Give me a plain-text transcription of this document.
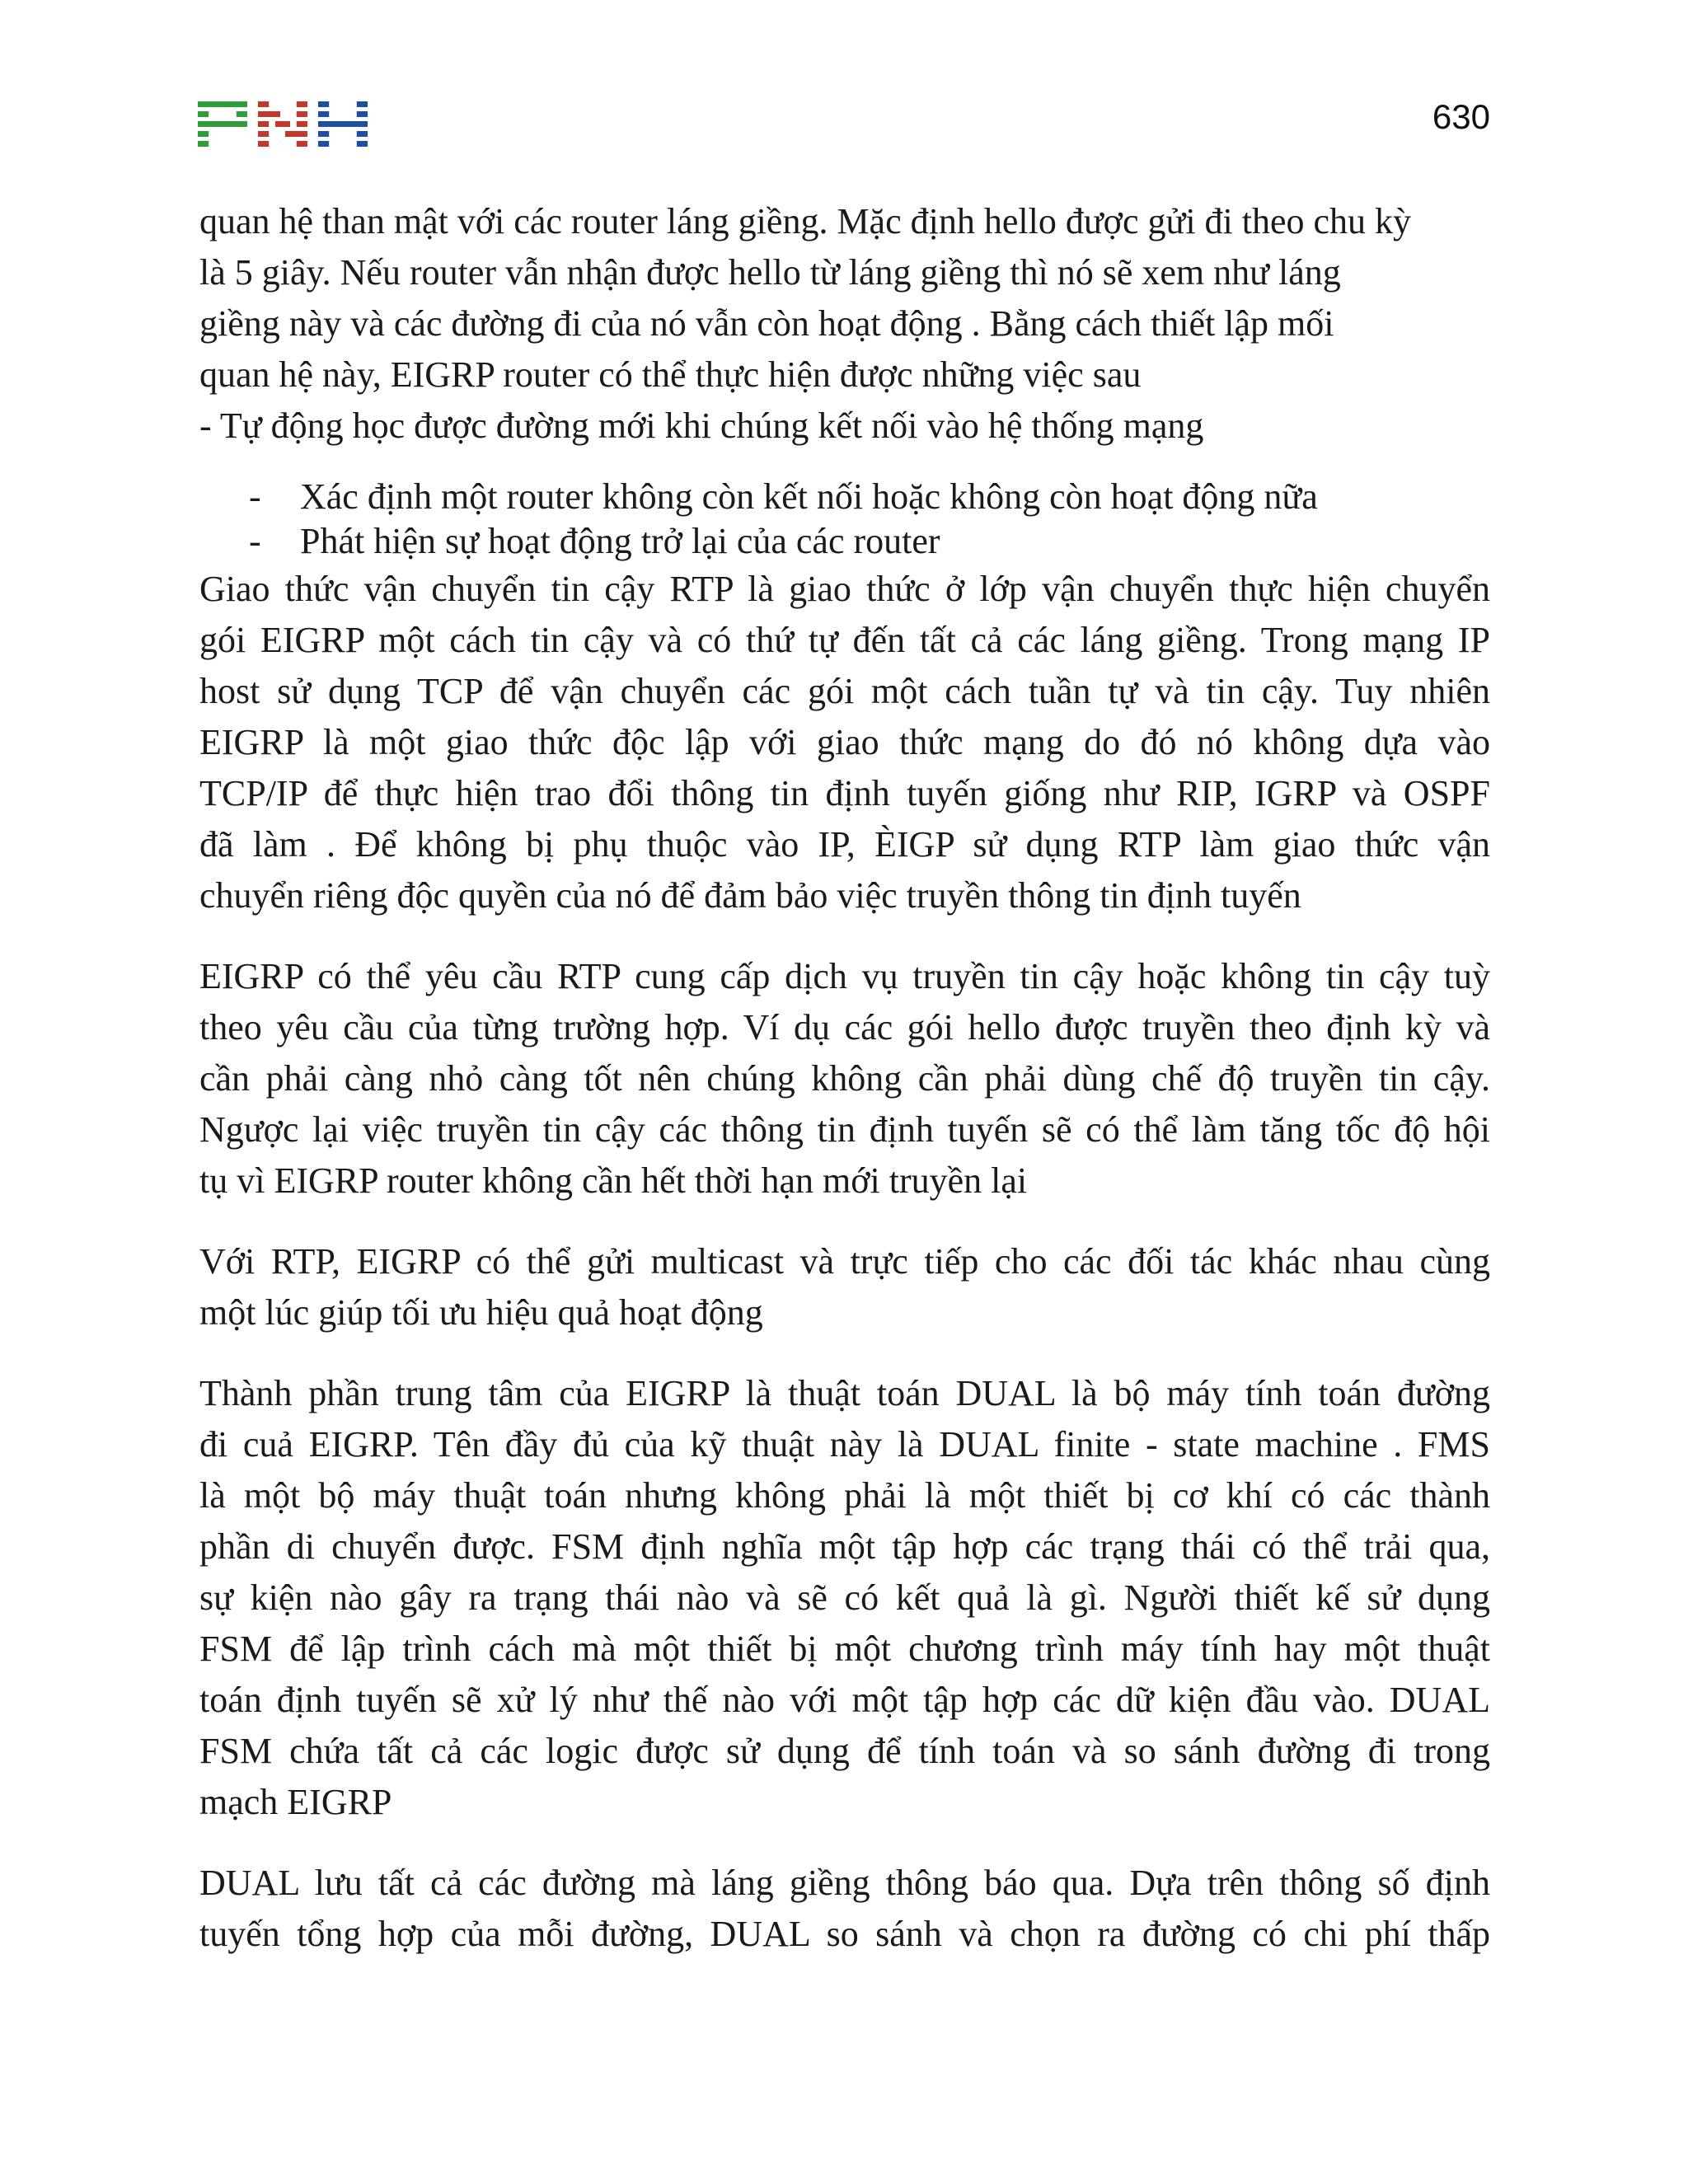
630

quan hệ than mật với các router láng giềng. Mặc định hello được gửi đi theo chu kỳ

là 5 giây. Nếu router vẫn nhận được hello từ láng giềng thì nó sẽ xem như láng

giềng này và các đường đi của nó vẫn còn hoạt động . Bằng cách thiết lập mối

quan hệ này, EIGRP router có thể thực hiện được những việc sau

- Tự động học được đường mới khi chúng kết nối vào hệ thống mạng

- Xác định một router không còn kết nối hoặc không còn hoạt động nữa
- Phát hiện sự hoạt động trở lại của các router

Giao thức vận chuyển tin cậy RTP là giao thức ở lớp vận chuyển thực hiện chuyển

gói EIGRP một cách tin cậy và có thứ tự đến tất cả các láng giềng. Trong mạng IP

host sử dụng TCP để vận chuyển các gói một cách tuần tự và tin cậy. Tuy nhiên

EIGRP là một giao thức độc lập với giao thức mạng do đó nó không dựa vào

TCP/IP để thực hiện trao đổi thông tin định tuyến giống như RIP, IGRP và OSPF

đã làm . Để không bị phụ thuộc vào IP, ÈIGP sử dụng RTP làm giao thức vận

chuyển riêng độc quyền của nó để đảm bảo việc truyền thông tin định tuyến

EIGRP có thể yêu cầu RTP cung cấp dịch vụ truyền tin cậy hoặc không tin cậy tuỳ

theo yêu cầu của từng trường hợp. Ví dụ các gói hello được truyền theo định kỳ và

cần phải càng nhỏ càng tốt nên chúng không cần phải dùng chế độ truyền tin cậy.

Ngược lại việc truyền tin cậy các thông tin định tuyến sẽ có thể làm tăng tốc độ hội

tụ vì EIGRP router không cần hết thời hạn mới truyền lại

Với RTP, EIGRP có thể gửi multicast và trực tiếp cho các đối tác khác nhau cùng

một lúc giúp tối ưu hiệu quả hoạt động

Thành phần trung tâm của EIGRP là thuật toán DUAL là bộ máy tính toán đường

đi cuả EIGRP. Tên đầy đủ của kỹ thuật này là DUAL finite - state machine . FMS

là một bộ máy thuật toán nhưng không phải là một thiết bị cơ khí có các thành

phần di chuyển được. FSM định nghĩa một tập hợp các trạng thái có thể trải qua,

sự kiện nào gây ra trạng thái nào và sẽ có kết quả là gì. Người thiết kế sử dụng

FSM để lập trình cách mà một thiết bị một chương trình máy tính hay một thuật

toán định tuyến sẽ xử lý như thế nào với một tập hợp các dữ kiện đầu vào. DUAL

FSM chứa tất cả các logic được sử dụng để tính toán và so sánh đường đi trong

mạch EIGRP

DUAL lưu tất cả các đường mà láng giềng thông báo qua. Dựa trên thông số định

tuyến tổng hợp của mỗi đường, DUAL so sánh và chọn ra đường có chi phí thấp
